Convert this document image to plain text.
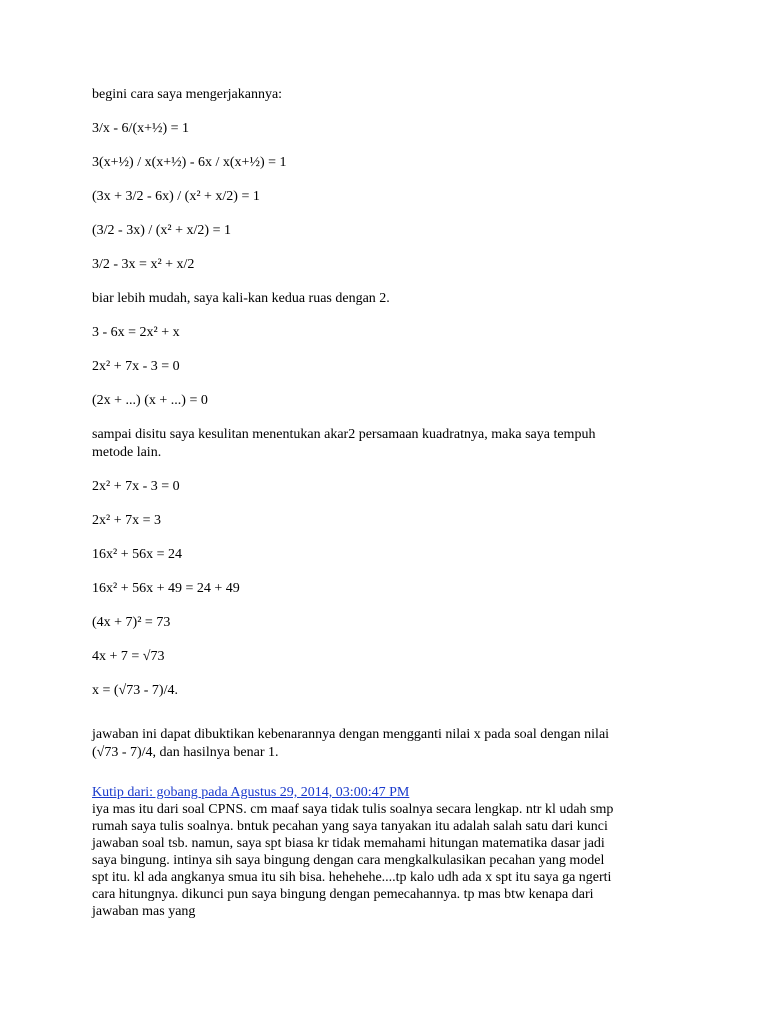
begini cara saya mengerjakannya:

3/x - 6/(x+½) = 1

3(x+½) / x(x+½) - 6x / x(x+½) = 1

(3x + 3/2 - 6x) / (x² + x/2) = 1

(3/2 - 3x) / (x² + x/2) = 1

3/2 - 3x = x² + x/2

biar lebih mudah, saya kali-kan kedua ruas dengan 2.

3 - 6x = 2x² + x

2x² + 7x - 3 = 0

(2x + ...) (x + ...) = 0

sampai disitu saya kesulitan menentukan akar2 persamaan kuadratnya, maka saya tempuh
metode lain.

2x² + 7x - 3 = 0

2x² + 7x = 3

16x² + 56x = 24

16x² + 56x + 49 = 24 + 49

(4x + 7)² = 73

4x + 7 = √73

x = (√73 - 7)/4.

jawaban ini dapat dibuktikan kebenarannya dengan mengganti nilai x pada soal dengan nilai
(√73 - 7)/4, dan hasilnya benar 1.

Kutip dari: gobang pada Agustus 29, 2014, 03:00:47 PM

iya mas itu dari soal CPNS. cm maaf saya tidak tulis soalnya secara lengkap. ntr kl udah smp
rumah saya tulis soalnya. bntuk pecahan yang saya tanyakan itu adalah salah satu dari kunci
jawaban soal tsb. namun, saya spt biasa kr tidak memahami hitungan matematika dasar jadi
saya bingung. intinya sih saya bingung dengan cara mengkalkulasikan pecahan yang model
spt itu. kl ada angkanya smua itu sih bisa. hehehehe....tp kalo udh ada x spt itu saya ga ngerti
cara hitungnya. dikunci pun saya bingung dengan pemecahannya. tp mas btw kenapa dari
jawaban mas yang
